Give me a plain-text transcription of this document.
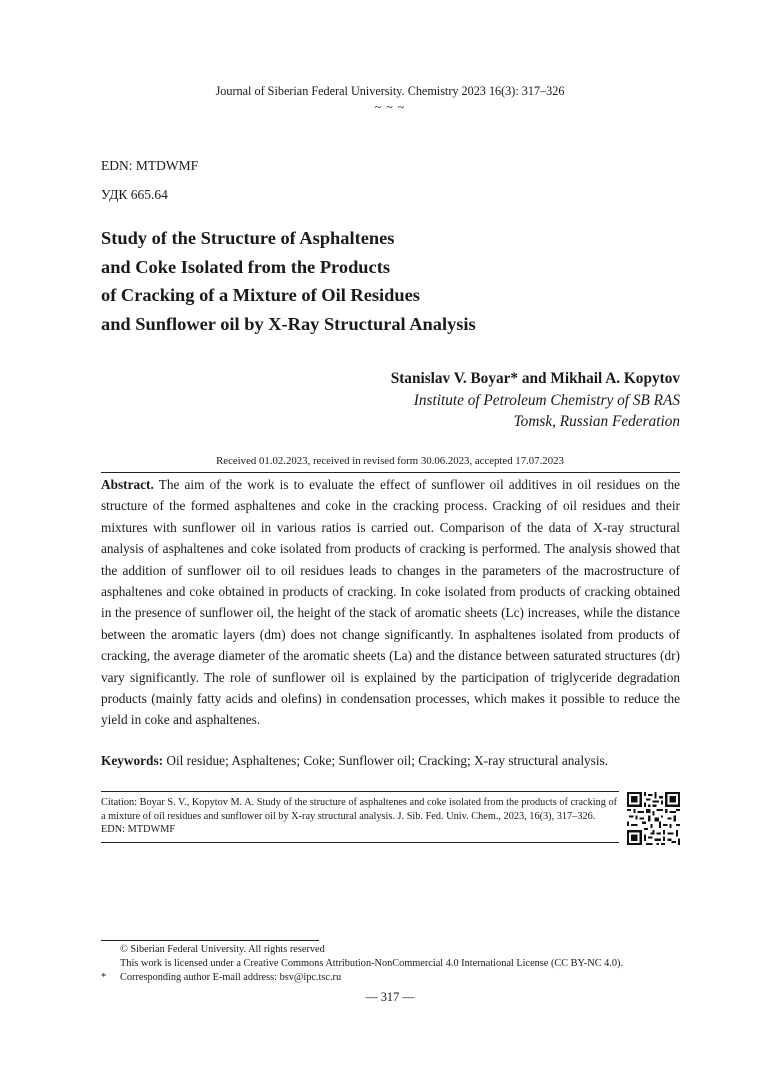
Journal of Siberian Federal University. Chemistry 2023 16(3): 317–326
~ ~ ~
EDN: MTDWMF
УДК 665.64
Study of the Structure of Asphaltenes
and Coke Isolated from the Products
of Cracking of a Mixture of Oil Residues
and Sunflower oil by X-Ray Structural Analysis
Stanislav V. Boyar* and Mikhail A. Kopytov
Institute of Petroleum Chemistry of SB RAS
Tomsk, Russian Federation
Received 01.02.2023, received in revised form 30.06.2023, accepted 17.07.2023
Abstract. The aim of the work is to evaluate the effect of sunflower oil additives in oil residues on the structure of the formed asphaltenes and coke in the cracking process. Cracking of oil residues and their mixtures with sunflower oil in various ratios is carried out. Comparison of the data of X-ray structural analysis of asphaltenes and coke isolated from products of cracking is performed. The analysis showed that the addition of sunflower oil to oil residues leads to changes in the parameters of the macrostructure of asphaltenes and coke obtained in products of cracking. In coke isolated from products of cracking obtained in the presence of sunflower oil, the height of the stack of aromatic sheets (Lc) increases, while the distance between the aromatic layers (dm) does not change significantly. In asphaltenes isolated from products of cracking, the average diameter of the aromatic sheets (La) and the distance between saturated structures (dr) vary significantly. The role of sunflower oil is explained by the participation of triglyceride degradation products (mainly fatty acids and olefins) in condensation processes, which makes it possible to reduce the yield in coke and asphaltenes.
Keywords: Oil residue; Asphaltenes; Coke; Sunflower oil; Cracking; X-ray structural analysis.
Citation: Boyar S. V., Kopytov M. A. Study of the structure of asphaltenes and coke isolated from the products of cracking of a mixture of oil residues and sunflower oil by X-ray structural analysis. J. Sib. Fed. Univ. Chem., 2023, 16(3), 317–326. EDN: MTDWMF
© Siberian Federal University. All rights reserved
This work is licensed under a Creative Commons Attribution-NonCommercial 4.0 International License (CC BY-NC 4.0).
* Corresponding author E-mail address: bsv@ipc.tsc.ru
— 317 —
